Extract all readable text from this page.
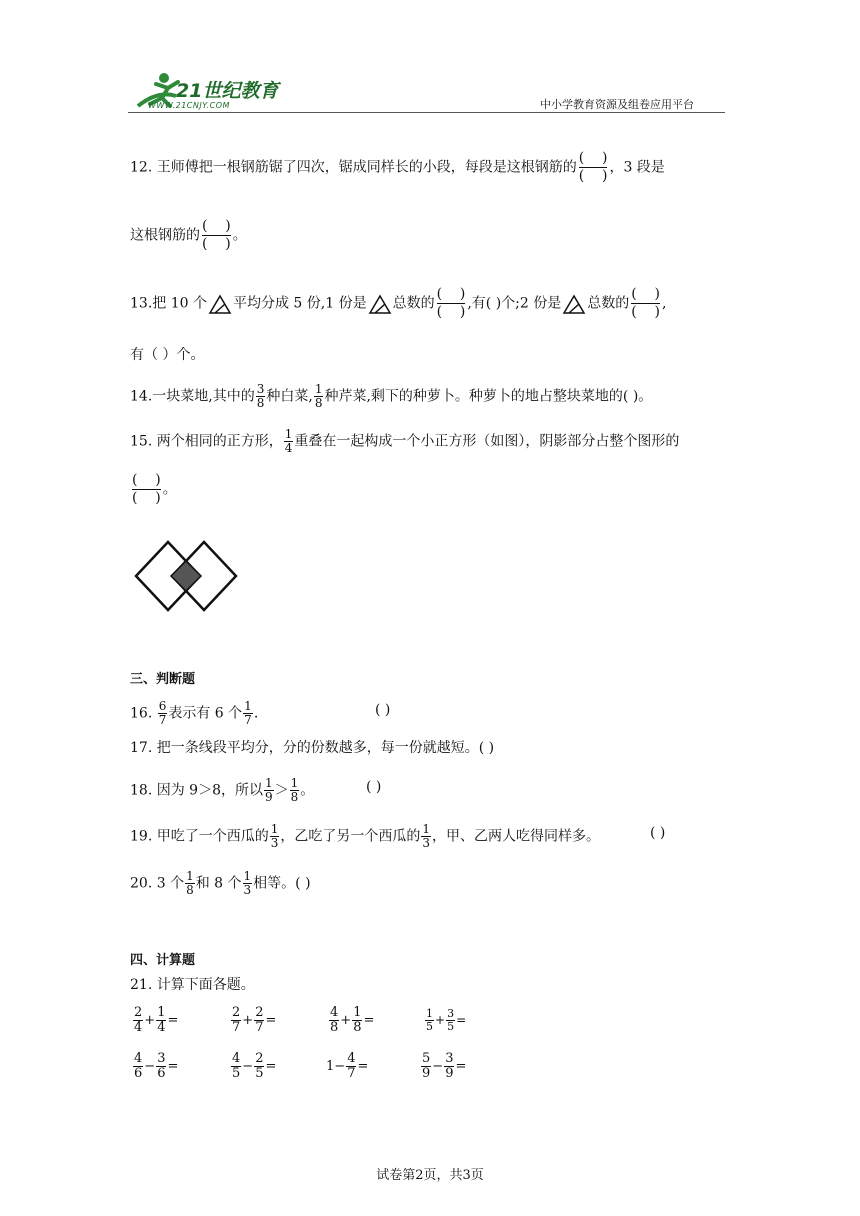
21世纪教育
WWW.21CNJY.COM	中小学教育资源及组卷应用平台
12. 王师傅把一根钢筋锯了四次，锯成同样长的小段，每段是这根钢筋的
(    )
(    )
，3 段是
这根钢筋的
(    )
(    )
。
13.把 10 个 平均分成 5 份,1 份是 总数的
(    )
(    )
,有( )个;2 份是 总数的
(    )
(    )
,
有（ ）个。
14.一块菜地,其中的 $\frac{3}{8}$ 种白菜, $\frac{1}{8}$ 种芹菜,剩下的种萝卜。种萝卜的地占整块菜地的( )。
15. 两个相同的正方形， $\frac{1}{4}$ 重叠在一起构成一个小正方形（如图），阴影部分占整个图形的
(    )
(    )
。
三、判断题
16. $\frac{6}{7}$ 表示有 6 个 $\frac{1}{7}$ .	( )
17. 把一条线段平均分，分的份数越多，每一份就越短。( )
18. 因为 9＞8，所以 $\frac{1}{9} > \frac{1}{8}$ 。	( )
19. 甲吃了一个西瓜的 $\frac{1}{3}$ ，乙吃了另一个西瓜的 $\frac{1}{3}$ ，甲、乙两人吃得同样多。	( )
20. 3 个 $\frac{1}{8}$ 和 8 个 $\frac{1}{3}$ 相等。( )
四、计算题
21. 计算下面各题。
$\frac{2}{4} + \frac{1}{4}$ =	$\frac{2}{7} + \frac{2}{7}$ =	$\frac{4}{8} + \frac{1}{8}$ =	$\frac{1}{5} + \frac{3}{5}$ =
$\frac{4}{6} - \frac{3}{6}$ =	$\frac{4}{5} - \frac{2}{5}$ =	$1- \frac{4}{7}$ =	$\frac{5}{9} - \frac{3}{9}$ =
试卷第2页，共3页
